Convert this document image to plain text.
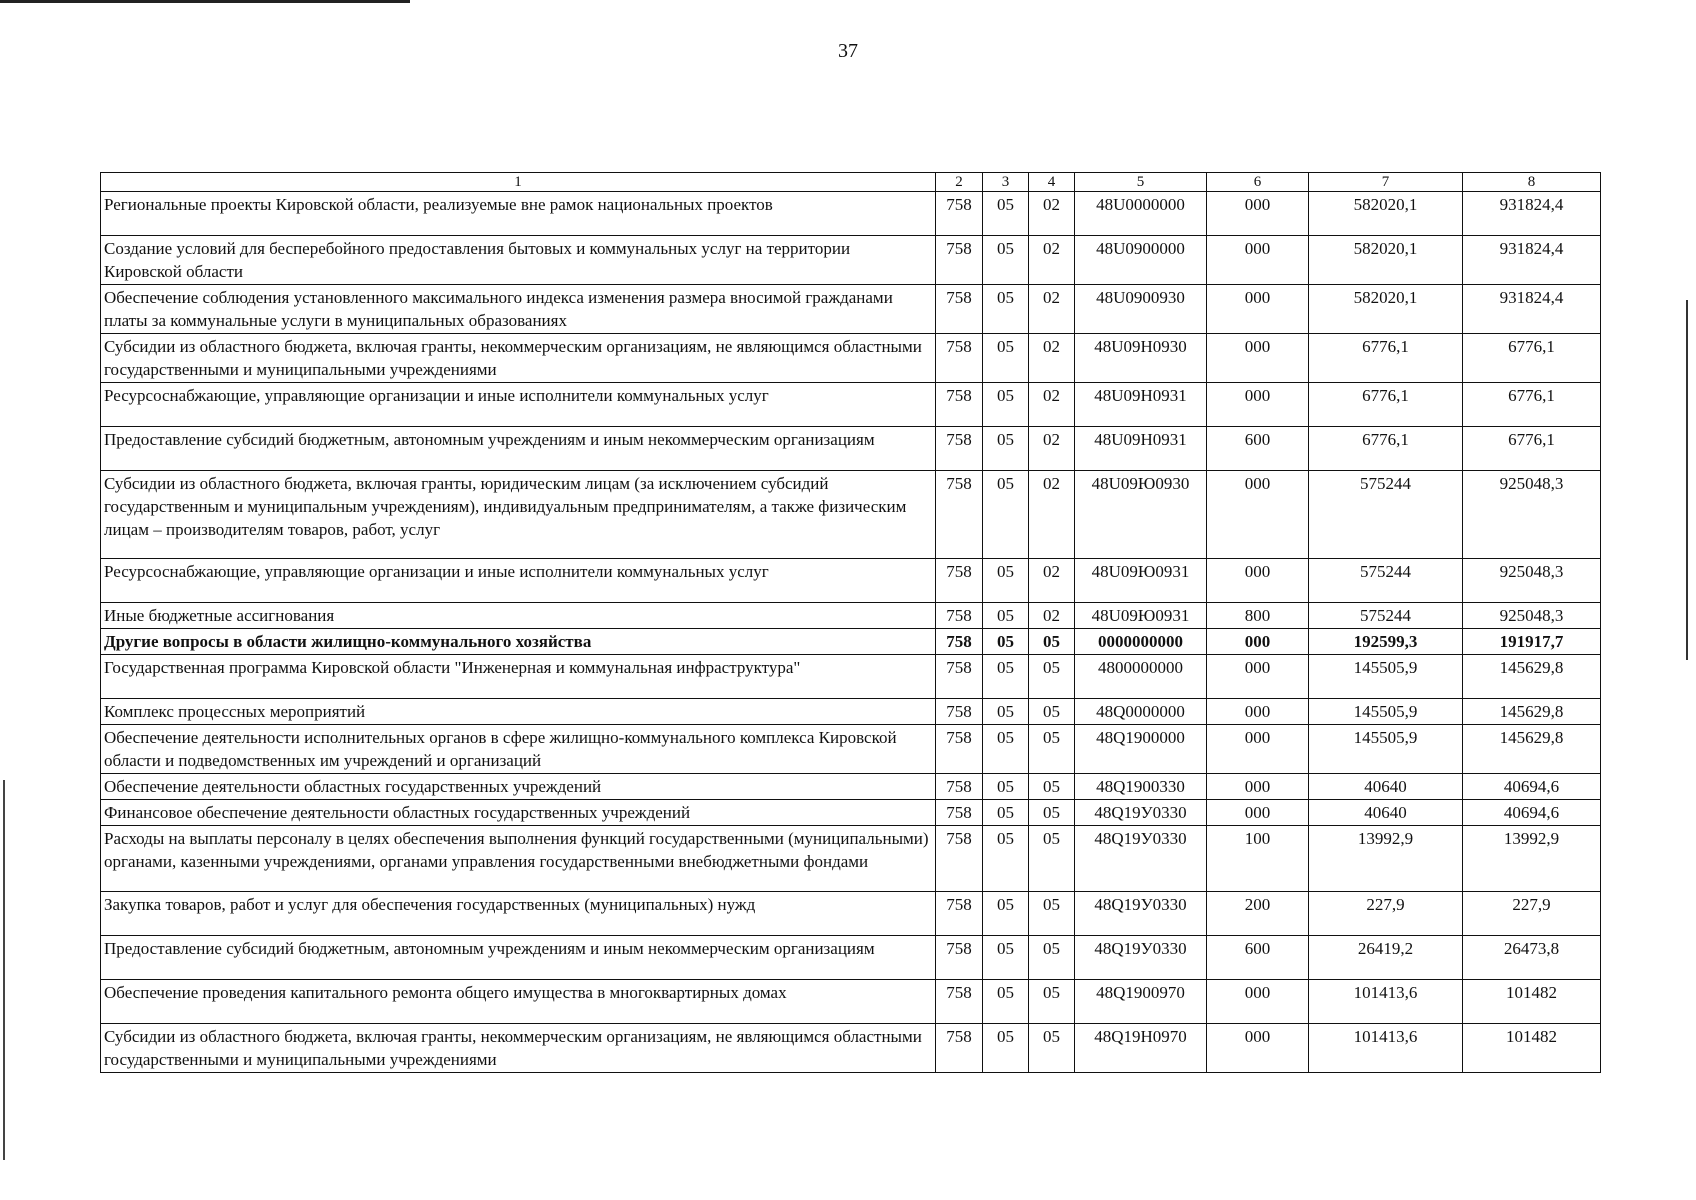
37
1	2	3	4	5	6	7	8
Региональные проекты Кировской области, реализуемые вне рамок национальных проектов	758	05	02	48U0000000	000	582020,1	931824,4
Создание условий для бесперебойного предоставления бытовых и коммунальных услуг на территории Кировской области	758	05	02	48U0900000	000	582020,1	931824,4
Обеспечение соблюдения установленного максимального индекса изменения размера вносимой гражданами платы за коммунальные услуги в муниципальных образованиях	758	05	02	48U0900930	000	582020,1	931824,4
Субсидии из областного бюджета, включая гранты, некоммерческим организациям, не являющимся областными государственными и муниципальными учреждениями	758	05	02	48U09H0930	000	6776,1	6776,1
Ресурсоснабжающие, управляющие организации и иные исполнители коммунальных услуг	758	05	02	48U09H0931	000	6776,1	6776,1
Предоставление субсидий бюджетным, автономным учреждениям и иным некоммерческим организациям	758	05	02	48U09H0931	600	6776,1	6776,1
Субсидии из областного бюджета, включая гранты, юридическим лицам (за исключением субсидий государственным и муниципальным учреждениям), индивидуальным предпринимателям, а также физическим лицам – производителям товаров, работ, услуг	758	05	02	48U09Ю0930	000	575244	925048,3
Ресурсоснабжающие, управляющие организации и иные исполнители коммунальных услуг	758	05	02	48U09Ю0931	000	575244	925048,3
Иные бюджетные ассигнования	758	05	02	48U09Ю0931	800	575244	925048,3
Другие вопросы в области жилищно-коммунального хозяйства	758	05	05	0000000000	000	192599,3	191917,7
Государственная программа Кировской области "Инженерная и коммунальная инфраструктура"	758	05	05	4800000000	000	145505,9	145629,8
Комплекс процессных мероприятий	758	05	05	48Q0000000	000	145505,9	145629,8
Обеспечение деятельности исполнительных органов в сфере жилищно-коммунального комплекса Кировской области и подведомственных им учреждений и организаций	758	05	05	48Q1900000	000	145505,9	145629,8
Обеспечение деятельности областных государственных учреждений	758	05	05	48Q1900330	000	40640	40694,6
Финансовое обеспечение деятельности областных государственных учреждений	758	05	05	48Q19У0330	000	40640	40694,6
Расходы на выплаты персоналу в целях обеспечения выполнения функций государственными (муниципальными) органами, казенными учреждениями, органами управления государственными внебюджетными фондами	758	05	05	48Q19У0330	100	13992,9	13992,9
Закупка товаров, работ и услуг для обеспечения государственных (муниципальных) нужд	758	05	05	48Q19У0330	200	227,9	227,9
Предоставление субсидий бюджетным, автономным учреждениям и иным некоммерческим организациям	758	05	05	48Q19У0330	600	26419,2	26473,8
Обеспечение проведения капитального ремонта общего имущества в многоквартирных домах	758	05	05	48Q1900970	000	101413,6	101482
Субсидии из областного бюджета, включая гранты, некоммерческим организациям, не являющимся областными государственными и муниципальными учреждениями	758	05	05	48Q19H0970	000	101413,6	101482
